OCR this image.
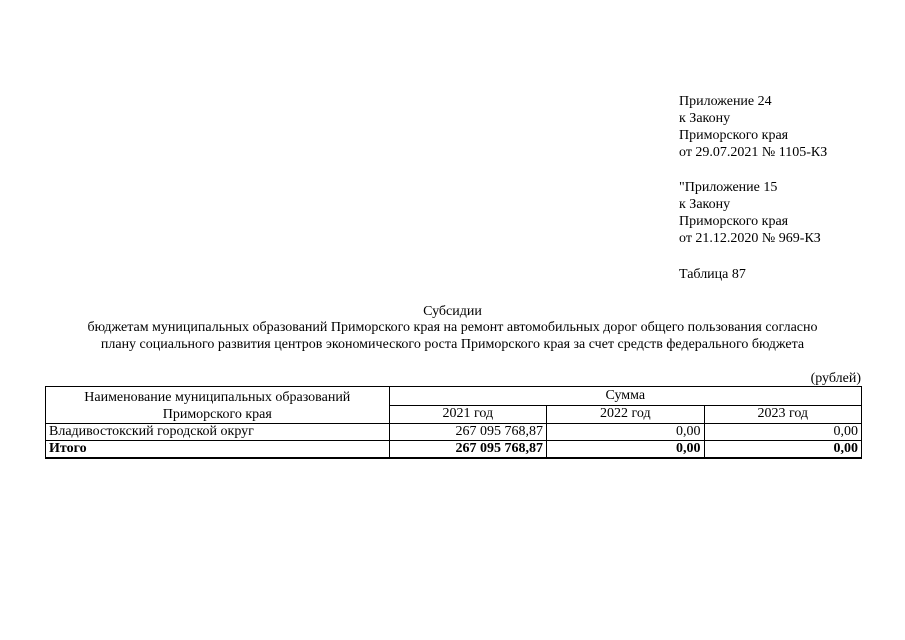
Приложение 24
к Закону
Приморского края
от 29.07.2021 № 1105-КЗ
"Приложение 15
к Закону
Приморского края
от 21.12.2020 № 969-КЗ
Таблица 87
Субсидии
бюджетам муниципальных образований Приморского края на ремонт автомобильных дорог общего пользования согласно
плану социального развития центров экономического роста Приморского края за счет средств федерального бюджета
(рублей)
Наименование муниципальных образований Приморского края	Сумма		
	2021 год	2022 год	2023 год
Владивостокский городской округ	267 095 768,87	0,00	0,00
Итого	267 095 768,87	0,00	0,00
